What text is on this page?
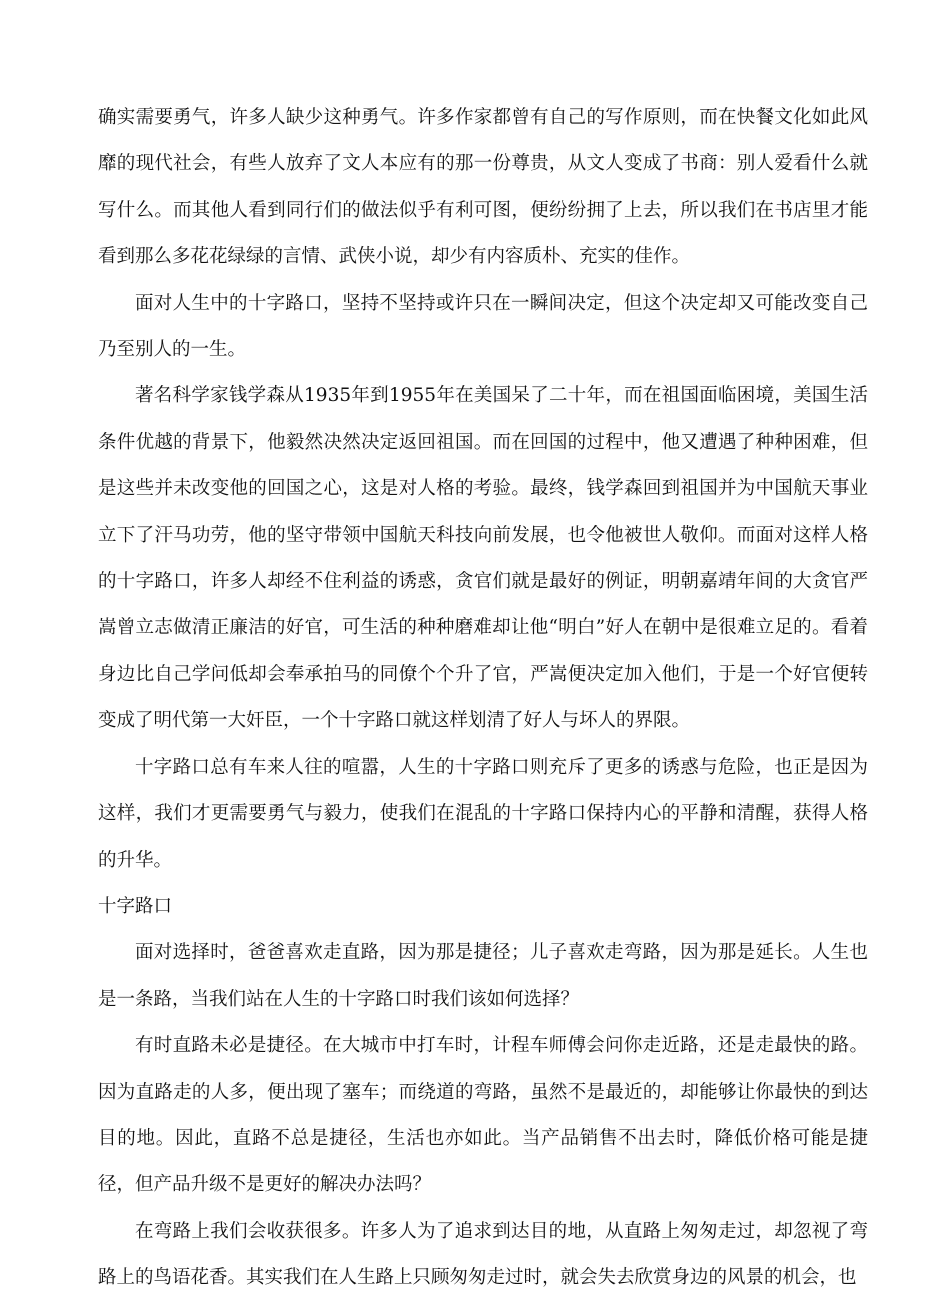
确实需要勇气，许多人缺少这种勇气。许多作家都曾有自己的写作原则，而在快餐文化如此风靡的现代社会，有些人放弃了文人本应有的那一份尊贵，从文人变成了书商：别人爱看什么就写什么。而其他人看到同行们的做法似乎有利可图，便纷纷拥了上去，所以我们在书店里才能看到那么多花花绿绿的言情、武侠小说，却少有内容质朴、充实的佳作。

面对人生中的十字路口，坚持不坚持或许只在一瞬间决定，但这个决定却又可能改变自己乃至别人的一生。

著名科学家钱学森从1935年到1955年在美国呆了二十年，而在祖国面临困境，美国生活条件优越的背景下，他毅然决然决定返回祖国。而在回国的过程中，他又遭遇了种种困难，但是这些并未改变他的回国之心，这是对人格的考验。最终，钱学森回到祖国并为中国航天事业立下了汗马功劳，他的坚守带领中国航天科技向前发展，也令他被世人敬仰。而面对这样人格的十字路口，许多人却经不住利益的诱惑，贪官们就是最好的例证，明朝嘉靖年间的大贪官严嵩曾立志做清正廉洁的好官，可生活的种种磨难却让他“明白”好人在朝中是很难立足的。看着身边比自己学问低却会奉承拍马的同僚个个升了官，严嵩便决定加入他们，于是一个好官便转变成了明代第一大奸臣，一个十字路口就这样划清了好人与坏人的界限。

十字路口总有车来人往的喧嚣，人生的十字路口则充斥了更多的诱惑与危险，也正是因为这样，我们才更需要勇气与毅力，使我们在混乱的十字路口保持内心的平静和清醒，获得人格的升华。

十字路口

面对选择时，爸爸喜欢走直路，因为那是捷径；儿子喜欢走弯路，因为那是延长。人生也是一条路，当我们站在人生的十字路口时我们该如何选择？

有时直路未必是捷径。在大城市中打车时，计程车师傅会问你走近路，还是走最快的路。因为直路走的人多，便出现了塞车；而绕道的弯路，虽然不是最近的，却能够让你最快的到达目的地。因此，直路不总是捷径，生活也亦如此。当产品销售不出去时，降低价格可能是捷径，但产品升级不是更好的解决办法吗？

在弯路上我们会收获很多。许多人为了追求到达目的地，从直路上匆匆走过，却忽视了弯路上的鸟语花香。其实我们在人生路上只顾匆匆走过时，就会失去欣赏身边的风景的机会，也
